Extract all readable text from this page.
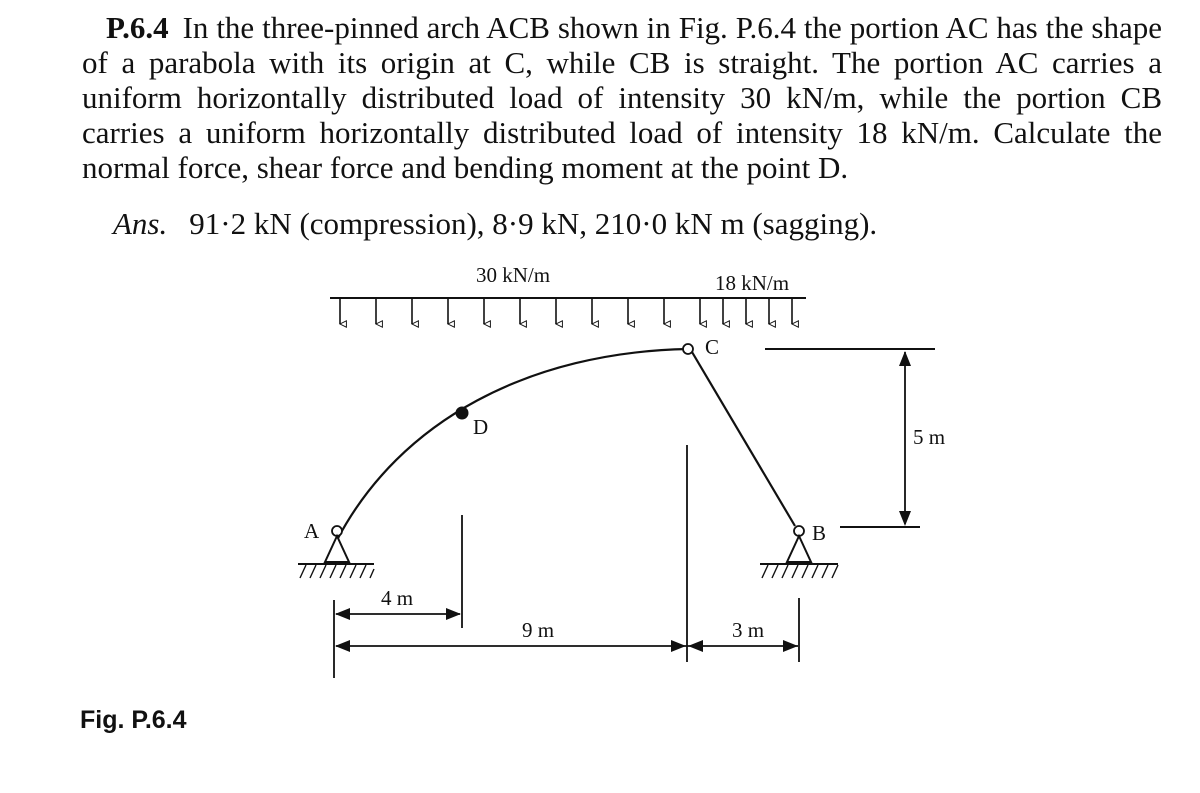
P.6.4 In the three-pinned arch ACB shown in Fig. P.6.4 the portion AC has the shape of a parabola with its origin at C, while CB is straight. The portion AC carries a uniform horizontally distributed load of intensity 30 kN/m, while the portion CB carries a uniform horizontally distributed load of intensity 18 kN/m. Calculate the normal force, shear force and bending moment at the point D.
Ans. 91·2 kN (compression), 8·9 kN, 210·0 kN m (sagging).
30 kN/m	18 kN/m
A	B
C
D	5 m
4 m
9 m	3 m
Fig. P.6.4
